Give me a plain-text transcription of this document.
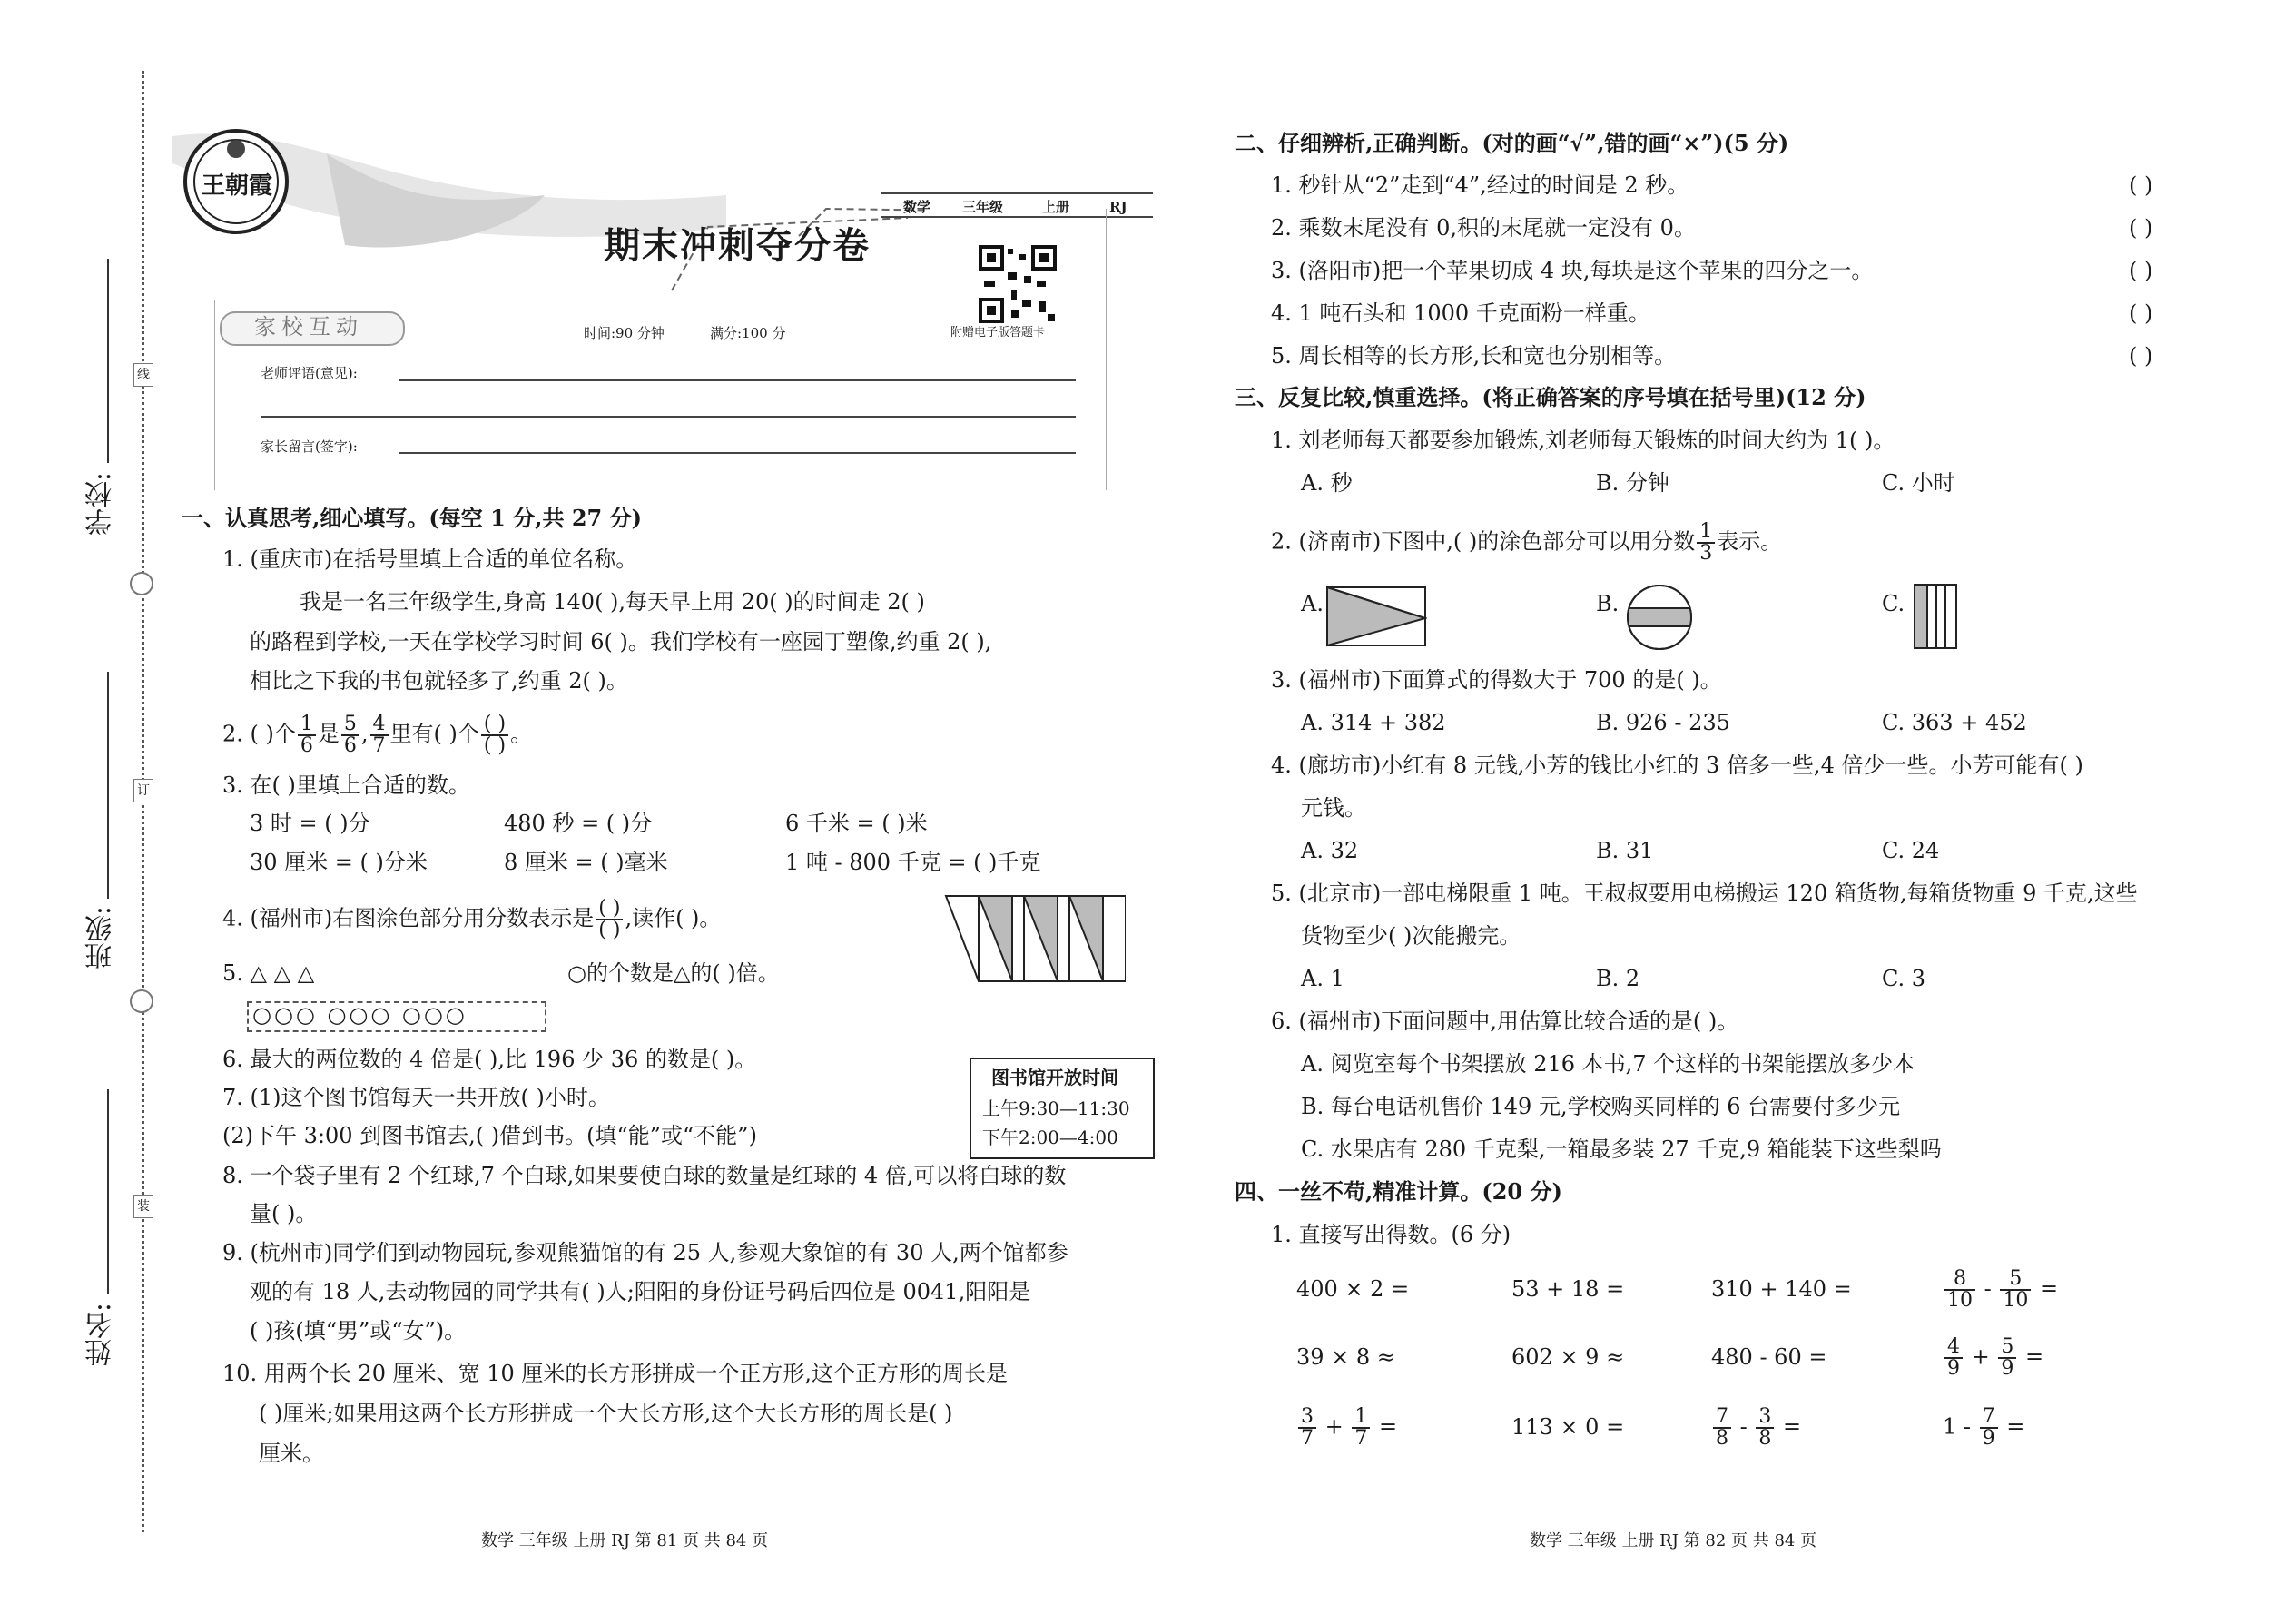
线
订
装
学校:
班级:
姓名:
王朝霞
数学 三年级	上册	RJ
期末冲刺夺分卷
附赠电子版答题卡
家校互动	时间:90 分钟	满分:100 分
老师评语(意见):
家长留言(签字):
一、认真思考,细心填写。(每空 1 分,共 27 分)
1. (重庆市)在括号里填上合适的单位名称。
我是一名三年级学生,身高 140( ),每天早上用 20( )的时间走 2( )
的路程到学校,一天在学校学习时间 6( )。我们学校有一座园丁塑像,约重 2( ),
相比之下我的书包就轻多了,约重 2( )。
2. ( )个 $\frac{1}{6}$ 是 $\frac{5}{6}$ , $\frac{4}{7}$ 里有( )个 $\frac{( )}{( )}$ 。
3. 在( )里填上合适的数。
3 时 = ( )分	480 秒 = ( )分	6 千米 = ( )米
30 厘米 = ( )分米	8 厘米 = ( )毫米	1 吨 - 800 千克 = ( )千克
4. (福州市)右图涂色部分用分数表示是 $\frac{( )}{( )}$ ,读作( )。
5. △ △ △	○的个数是△的( )倍。
○○○ ○○○ ○○○
6. 最大的两位数的 4 倍是( ),比 196 少 36 的数是( )。
7. (1)这个图书馆每天一共开放( )小时。
(2)下午 3:00 到图书馆去,( )借到书。(填“能”或“不能”)
图书馆开放时间
上午9:30—11:30
下午2:00—4:00
8. 一个袋子里有 2 个红球,7 个白球,如果要使白球的数量是红球的 4 倍,可以将白球的数
量( )。
9. (杭州市)同学们到动物园玩,参观熊猫馆的有 25 人,参观大象馆的有 30 人,两个馆都参
观的有 18 人,去动物园的同学共有( )人;阳阳的身份证号码后四位是 0041,阳阳是
( )孩(填“男”或“女”)。
10. 用两个长 20 厘米、宽 10 厘米的长方形拼成一个正方形,这个正方形的周长是
( )厘米;如果用这两个长方形拼成一个大长方形,这个大长方形的周长是( )
厘米。
数学 三年级 上册 RJ 第 81 页 共 84 页
二、仔细辨析,正确判断。(对的画“√”,错的画“×”)(5 分)
1. 秒针从“2”走到“4”,经过的时间是 2 秒。	( )
2. 乘数末尾没有 0,积的末尾就一定没有 0。	( )
3. (洛阳市)把一个苹果切成 4 块,每块是这个苹果的四分之一。	( )
4. 1 吨石头和 1000 千克面粉一样重。	( )
5. 周长相等的长方形,长和宽也分别相等。	( )
三、反复比较,慎重选择。(将正确答案的序号填在括号里)(12 分)
1. 刘老师每天都要参加锻炼,刘老师每天锻炼的时间大约为 1( )。
A. 秒	B. 分钟	C. 小时
2. (济南市)下图中,( )的涂色部分可以用分数 $\frac{1}{3}$ 表示。
A.	B.	C.
3. (福州市)下面算式的得数大于 700 的是( )。
A. 314 + 382	B. 926 - 235	C. 363 + 452
4. (廊坊市)小红有 8 元钱,小芳的钱比小红的 3 倍多一些,4 倍少一些。小芳可能有( )
元钱。
A. 32	B. 31	C. 24
5. (北京市)一部电梯限重 1 吨。王叔叔要用电梯搬运 120 箱货物,每箱货物重 9 千克,这些
货物至少( )次能搬完。
A. 1	B. 2	C. 3
6. (福州市)下面问题中,用估算比较合适的是( )。
A. 阅览室每个书架摆放 216 本书,7 个这样的书架能摆放多少本
B. 每台电话机售价 149 元,学校购买同样的 6 台需要付多少元
C. 水果店有 280 千克梨,一箱最多装 27 千克,9 箱能装下这些梨吗
四、一丝不苟,精准计算。(20 分)
1. 直接写出得数。(6 分)
400 × 2 =	53 + 18 =	310 + 140 =	$\frac{8}{10} - \frac{5}{10}$ =
39 × 8 ≈	602 × 9 ≈	480 - 60 =	$\frac{4}{9} + \frac{5}{9}$ =
$\frac{3}{7} + \frac{1}{7}$ =	113 × 0 =	$\frac{7}{8} - \frac{3}{8}$ =	$1 - \frac{7}{9}$ =
数学 三年级 上册 RJ 第 82 页 共 84 页
